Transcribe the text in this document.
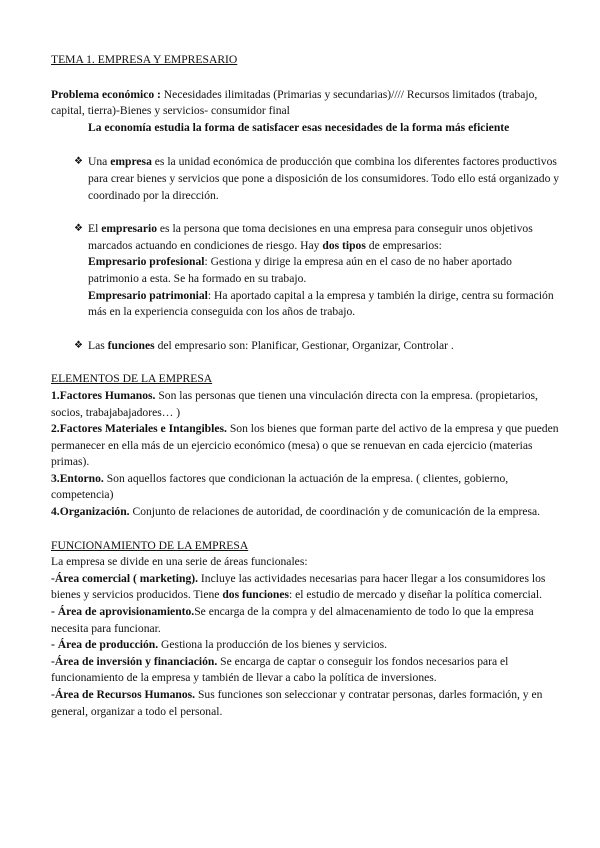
TEMA 1. EMPRESA Y EMPRESARIO

Problema económico : Necesidades ilimitadas (Primarias y secundarias)//// Recursos limitados (trabajo, capital, tierra)-Bienes y servicios- consumidor final

La economía estudia la forma de satisfacer esas necesidades de la forma más eficiente

❖ Una empresa es la unidad económica de producción que combina los diferentes factores productivos para crear bienes y servicios que pone a disposición de los consumidores. Todo ello está organizado y coordinado por la dirección.
❖ El empresario es la persona que toma decisiones en una empresa para conseguir unos objetivos marcados actuando en condiciones de riesgo. Hay dos tipos de empresarios:

Empresario profesional: Gestiona y dirige la empresa aún en el caso de no haber aportado patrimonio a esta. Se ha formado en su trabajo.

Empresario patrimonial: Ha aportado capital a la empresa y también la dirige, centra su formación más en la experiencia conseguida con los años de trabajo.

❖ Las funciones del empresario son: Planificar, Gestionar, Organizar, Controlar .

ELEMENTOS DE LA EMPRESA

1.Factores Humanos. Son las personas que tienen una vinculación directa con la empresa. (propietarios, socios, trabajabajadores… )

2.Factores Materiales e Intangibles. Son los bienes que forman parte del activo de la empresa y que pueden permanecer en ella más de un ejercicio económico (mesa) o que se renuevan en cada ejercicio (materias primas).

3.Entorno. Son aquellos factores que condicionan la actuación de la empresa. ( clientes, gobierno, competencia)

4.Organización. Conjunto de relaciones de autoridad, de coordinación y de comunicación de la empresa.

FUNCIONAMIENTO DE LA EMPRESA

La empresa se divide en una serie de áreas funcionales:

-Área comercial ( marketing). Incluye las actividades necesarias para hacer llegar a los consumidores los bienes y servicios producidos. Tiene dos funciones: el estudio de mercado y diseñar la política comercial.

- Área de aprovisionamiento.Se encarga de la compra y del almacenamiento de todo lo que la empresa necesita para funcionar.

- Área de producción. Gestiona la producción de los bienes y servicios.

-Área de inversión y financiación. Se encarga de captar o conseguir los fondos necesarios para el funcionamiento de la empresa y también de llevar a cabo la política de inversiones.

-Área de Recursos Humanos. Sus funciones son seleccionar y contratar personas, darles formación, y en general, organizar a todo el personal.
